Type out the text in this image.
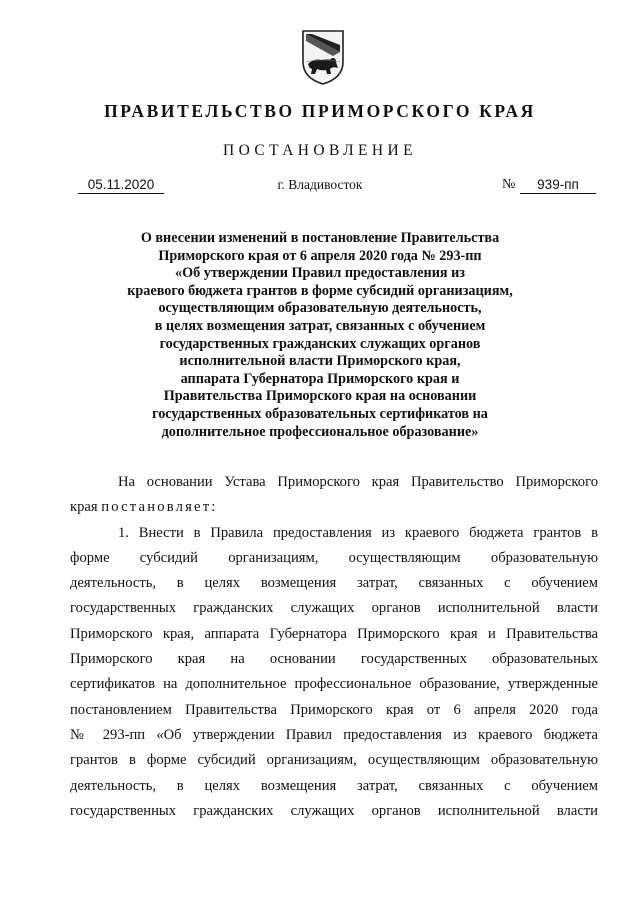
ПРАВИТЕЛЬСТВО ПРИМОРСКОГО КРАЯ
ПОСТАНОВЛЕНИЕ
05.11.2020	г. Владивосток	№	939-пп
О внесении изменений в постановление Правительства
Приморского края от 6 апреля 2020 года № 293-пп
«Об утверждении Правил предоставления из
краевого бюджета грантов в форме субсидий организациям,
осуществляющим образовательную деятельность,
в целях возмещения затрат, связанных с обучением
государственных гражданских служащих органов
исполнительной власти Приморского края,
аппарата Губернатора Приморского края и
Правительства Приморского края на основании
государственных образовательных сертификатов на
дополнительное профессиональное образование»
На основании Устава Приморского края Правительство Приморского
края постановляет:
1. Внести в Правила предоставления из краевого бюджета грантов в
форме субсидий организациям, осуществляющим образовательную
деятельность, в целях возмещения затрат, связанных с обучением
государственных гражданских служащих органов исполнительной власти
Приморского края, аппарата Губернатора Приморского края и Правительства
Приморского края на основании государственных образовательных
сертификатов на дополнительное профессиональное образование, утвержденные
постановлением Правительства Приморского края от 6 апреля 2020 года
№ 293-пп «Об утверждении Правил предоставления из краевого бюджета
грантов в форме субсидий организациям, осуществляющим образовательную
деятельность, в целях возмещения затрат, связанных с обучением
государственных гражданских служащих органов исполнительной власти
